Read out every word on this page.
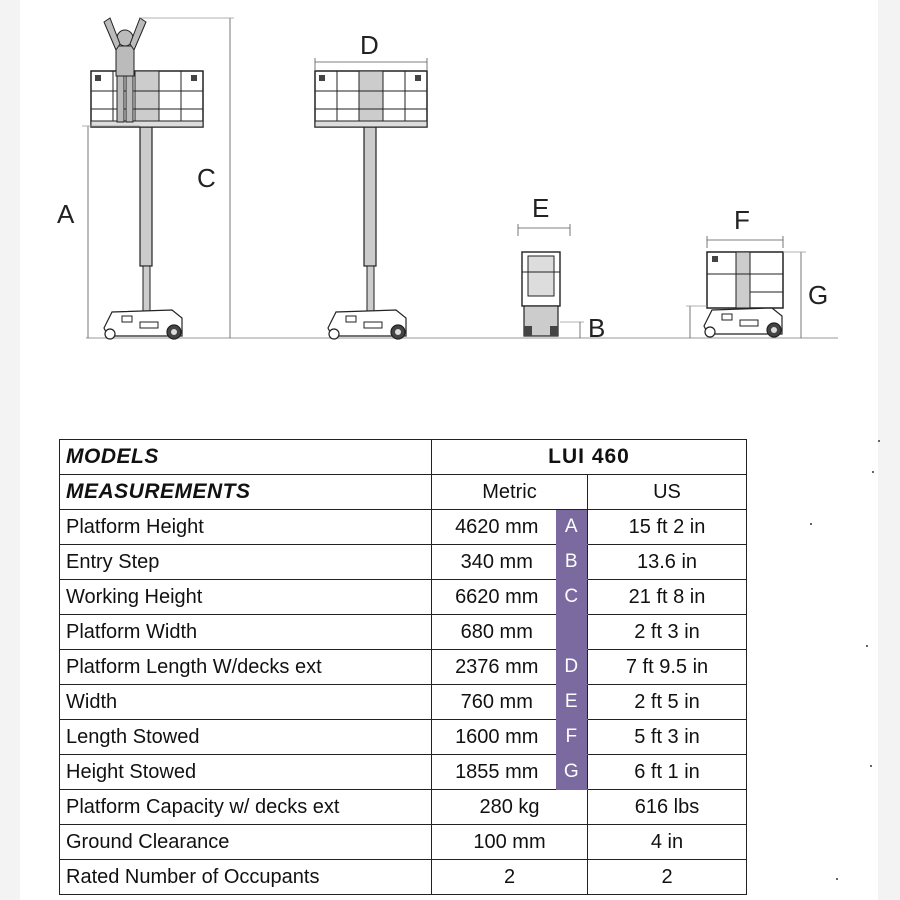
A
C
D
E
B
F
G
MODELS	LUI 460		
MEASUREMENTS	Metric		US
Platform Height	4620 mm	A	15 ft 2 in
Entry Step	340 mm	B	13.6 in
Working Height	6620 mm	C	21 ft 8 in
Platform Width	680 mm		2 ft 3 in
Platform Length W/decks ext	2376 mm	D	7 ft 9.5 in
Width	760 mm	E	2 ft 5 in
Length Stowed	1600 mm	F	5 ft 3 in
Height Stowed	1855 mm	G	6 ft 1 in
Platform Capacity w/ decks ext	280 kg		616 lbs
Ground Clearance	100 mm		4 in
Rated Number of Occupants	2		2
